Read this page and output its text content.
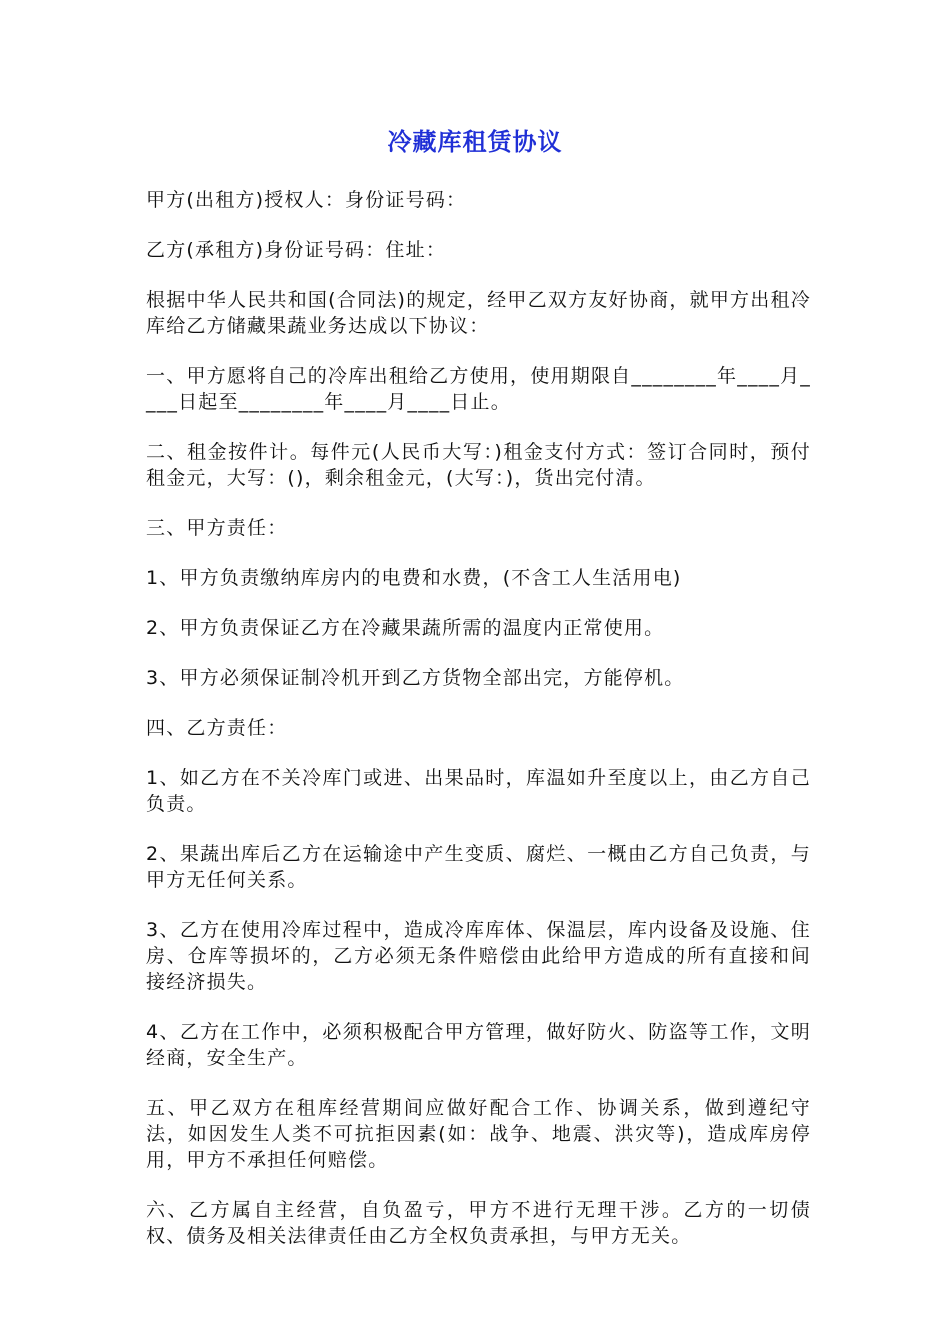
冷藏库租赁协议

甲方(出租方)授权人：身份证号码：

乙方(承租方)身份证号码：住址：

根据中华人民共和国(合同法)的规定，经甲乙双方友好协商，就甲方出租冷库给乙方储藏果蔬业务达成以下协议：

一、甲方愿将自己的冷库出租给乙方使用，使用期限自________年____月____日起至________年____月____日止。

二、租金按件计。每件元(人民币大写：)租金支付方式：签订合同时，预付租金元，大写：()，剩余租金元，(大写：)，货出完付清。

三、甲方责任：

1、甲方负责缴纳库房内的电费和水费，(不含工人生活用电)

2、甲方负责保证乙方在冷藏果蔬所需的温度内正常使用。

3、甲方必须保证制冷机开到乙方货物全部出完，方能停机。

四、乙方责任：

1、如乙方在不关冷库门或进、出果品时，库温如升至度以上，由乙方自己负责。

2、果蔬出库后乙方在运输途中产生变质、腐烂、一概由乙方自己负责，与甲方无任何关系。

3、乙方在使用冷库过程中，造成冷库库体、保温层，库内设备及设施、住房、仓库等损坏的，乙方必须无条件赔偿由此给甲方造成的所有直接和间接经济损失。

4、乙方在工作中，必须积极配合甲方管理，做好防火、防盗等工作，文明经商，安全生产。

五、甲乙双方在租库经营期间应做好配合工作、协调关系，做到遵纪守法，如因发生人类不可抗拒因素(如：战争、地震、洪灾等)，造成库房停用，甲方不承担任何赔偿。

六、乙方属自主经营，自负盈亏，甲方不进行无理干涉。乙方的一切债权、债务及相关法律责任由乙方全权负责承担，与甲方无关。
